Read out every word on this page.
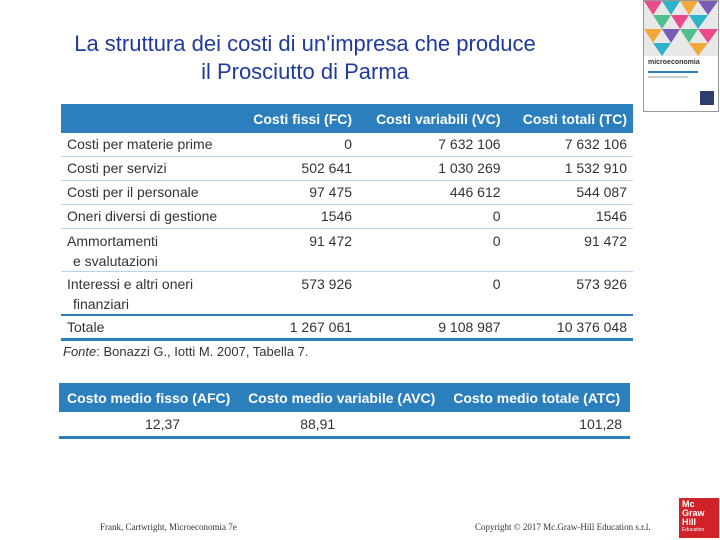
La struttura dei costi di un'impresa che produce
il Prosciutto di Parma	microeconomia
	Costi fissi (FC)	Costi variabili (VC)	Costi totali (TC)
Costi per materie prime	0	7 632 106	7 632 106
Costi per servizi	502 641	1 030 269	1 532 910
Costi per il personale	97 475	446 612	544 087
Oneri diversi di gestione	1546	0	1546

Ammortamenti
e svalutazioni	91 472	0	91 472

Interessi e altri oneri
finanziari	573 926	0	573 926
Totale	1 267 061	9 108 987	10 376 048
Fonte: Bonazzi G., Iotti M. 2007, Tabella 7.
Costo medio fisso (AFC)	Costo medio variabile (AVC)	Costo medio totale (ATC)
12,37	88,91	101,28
Frank, Cartwright, Microeconomia 7e	Copyright © 2017 Mc.Graw-Hill Education s.r.l.
Mc
Graw
Hill
Education
